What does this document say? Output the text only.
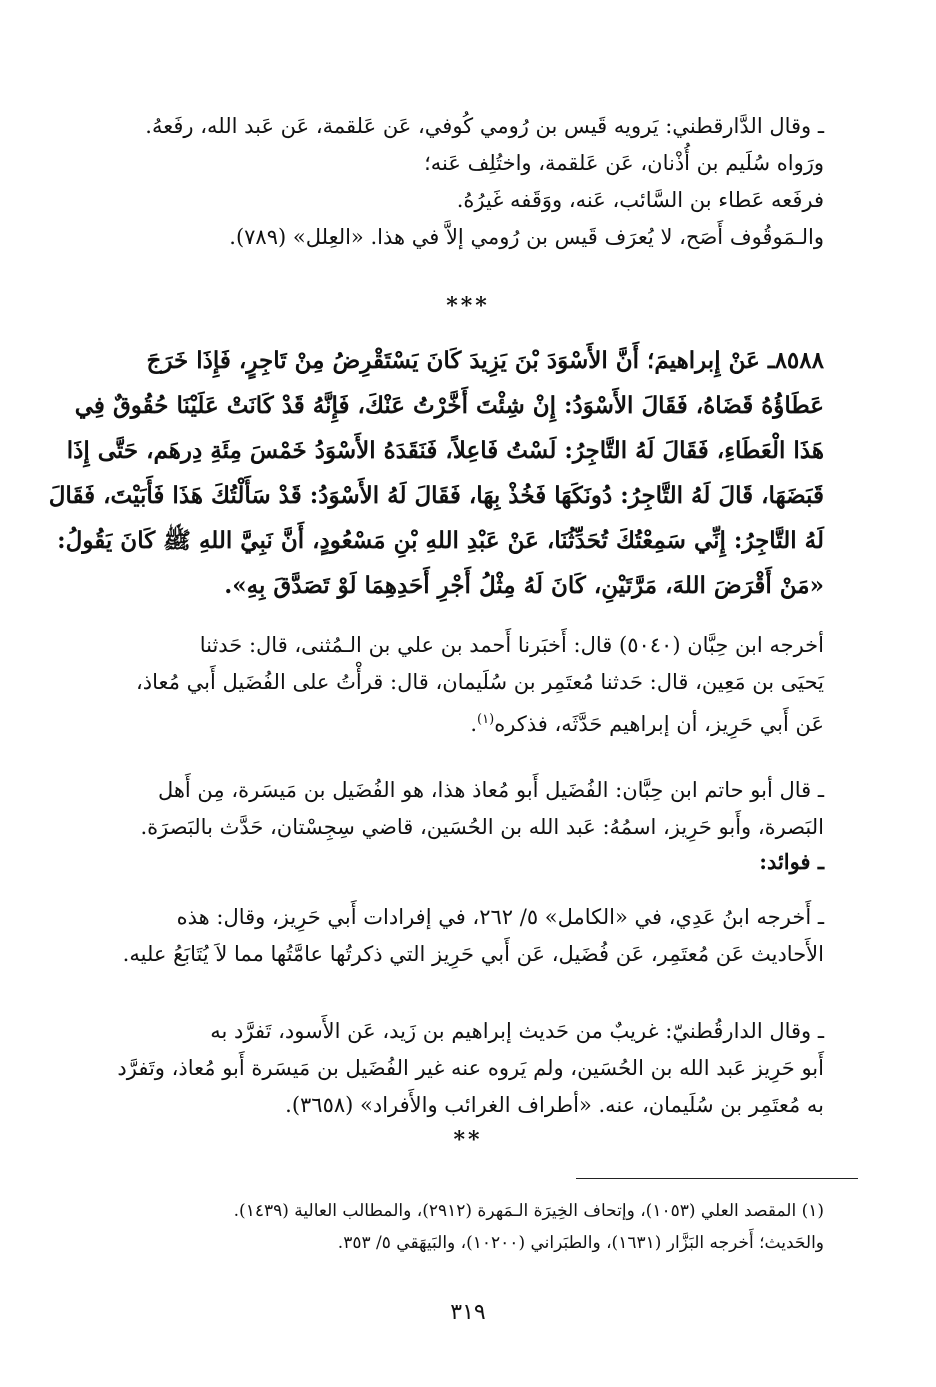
ـ وقال الدَّارقطني: يَرويه قَيس بن رُومي كُوفي، عَن عَلقمة، عَن عَبد الله، رفَعهُ.
ورَواه سُلَيم بن أُذْنان، عَن عَلقمة، واختُلِف عَنه؛
فرفَعه عَطاء بن السَّائب، عَنه، ووَقَفه غَيرُهُ.
والـمَوقُوف أَصَح، لا يُعرَف قَيس بن رُومي إلاَّ في هذا. «العِلل» (٧٨٩).
***
٨٥٨٨ـ عَنْ إِبراهيمَ؛ أَنَّ الأَسْوَدَ بْنَ يَزِيدَ كَانَ يَسْتَقْرِضُ مِنْ تَاجِرٍ، فَإِذَا خَرَجَ
عَطَاؤُهُ قَضَاهُ، فَقَالَ الأَسْوَدُ: إِنْ شِئْتَ أَخَّرْتُ عَنْكَ، فَإِنَّهُ قَدْ كَانَتْ عَلَيْنَا حُقُوقٌ فِي
هَذَا الْعَطَاءِ، فَقَالَ لَهُ التَّاجِرُ: لَسْتُ فَاعِلاً، فَنَقَدَهُ الأَسْوَدُ خَمْسَ مِئَةِ دِرهَم، حَتَّى إِذَا
قَبَضَهَا، قَالَ لَهُ التَّاجِرُ: دُونَكَهَا فَخُذْ بِهَا، فَقَالَ لَهُ الأَسْوَدُ: قَدْ سَأَلْتُكَ هَذَا فَأَبَيْتَ، فَقَالَ
لَهُ التَّاجِرُ: إِنِّي سَمِعْتُكَ تُحَدِّثُنَا، عَنْ عَبْدِ اللهِ بْنِ مَسْعُودٍ، أَنَّ نَبِيَّ اللهِ ﷺ كَانَ يَقُولُ:
«مَنْ أَقْرَضَ اللهَ، مَرَّتَيْنِ، كَانَ لَهُ مِثْلُ أَجْرِ أَحَدِهِمَا لَوْ تَصَدَّقَ بِهِ».
أخرجه ابن حِبَّان (٥٠٤٠) قال: أَخبَرنا أَحمد بن علي بن الـمُثنى، قال: حَدثنا
يَحيَى بن مَعِين، قال: حَدثنا مُعتَمِر بن سُلَيمان، قال: قرأْتُ على الفُضَيل أَبي مُعاذ،
عَن أَبي حَرِيز، أن إبراهيم حَدَّثَه، فذكره$^{(١)}$.
ـ قال أبو حاتم ابن حِبَّان: الفُضَيل أَبو مُعاذ هذا، هو الفُضَيل بن مَيسَرة، مِن أَهل
البَصرة، وأَبو حَرِيز، اسمُهُ: عَبد الله بن الحُسَين، قاضي سِجِسْتان، حَدَّث بالبَصرَة.
ـ فوائد:
ـ أَخرجه ابنُ عَدِي، في «الكامل» ٥/ ٢٦٢، في إفرادات أَبي حَرِيز، وقال: هذه
الأَحاديث عَن مُعتَمِر، عَن فُضَيل، عَن أَبي حَرِيز التي ذكرتُها عامَّتُها مما لاَ يُتَابَعُ عليه.
ـ وقال الدارقُطنيّ: غريبٌ من حَديث إبراهيم بن زَيد، عَن الأَسود، تَفرَّد به
أَبو حَرِيز عَبد الله بن الحُسَين، ولم يَروه عنه غير الفُضَيل بن مَيسَرة أَبو مُعاذ، وتَفرَّد
به مُعتَمِر بن سُلَيمان، عنه. «أطراف الغرائب والأَفراد» (٣٦٥٨).
**
(١) المقصد العلي (١٠٥٣)، وإتحاف الخِيرَة الـمَهرة (٢٩١٢)، والمطالب العالية (١٤٣٩).
والحَديث؛ أَخرجه البَزَّار (١٦٣١)، والطبَراني (١٠٢٠٠)، والبَيهَقي ٥/ ٣٥٣.
٣١٩
